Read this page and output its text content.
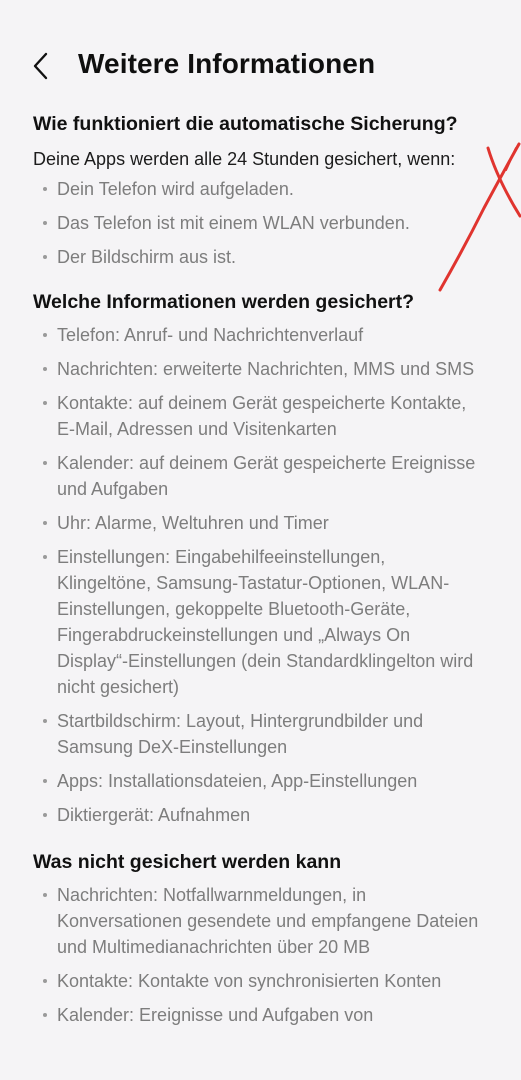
Weitere Informationen
Wie funktioniert die automatische Sicherung?
Deine Apps werden alle 24 Stunden gesichert, wenn:
Dein Telefon wird aufgeladen.
Das Telefon ist mit einem WLAN verbunden.
Der Bildschirm aus ist.
Welche Informationen werden gesichert?
Telefon: Anruf- und Nachrichtenverlauf
Nachrichten: erweiterte Nachrichten, MMS und SMS
Kontakte: auf deinem Gerät gespeicherte Kontakte, E-Mail, Adressen und Visitenkarten
Kalender: auf deinem Gerät gespeicherte Ereignisse und Aufgaben
Uhr: Alarme, Weltuhren und Timer
Einstellungen: Eingabehilfeeinstellungen, Klingeltöne, Samsung-Tastatur-Optionen, WLAN-Einstellungen, gekoppelte Bluetooth-Geräte, Fingerabdruckeinstellungen und „Always On Display“-Einstellungen (dein Standardklingelton wird nicht gesichert)
Startbildschirm: Layout, Hintergrundbilder und Samsung DeX-Einstellungen
Apps: Installationsdateien, App-Einstellungen
Diktiergerät: Aufnahmen
Was nicht gesichert werden kann
Nachrichten: Notfallwarnmeldungen, in Konversationen gesendete und empfangene Dateien und Multimedianachrichten über 20 MB
Kontakte: Kontakte von synchronisierten Konten
Kalender: Ereignisse und Aufgaben von
